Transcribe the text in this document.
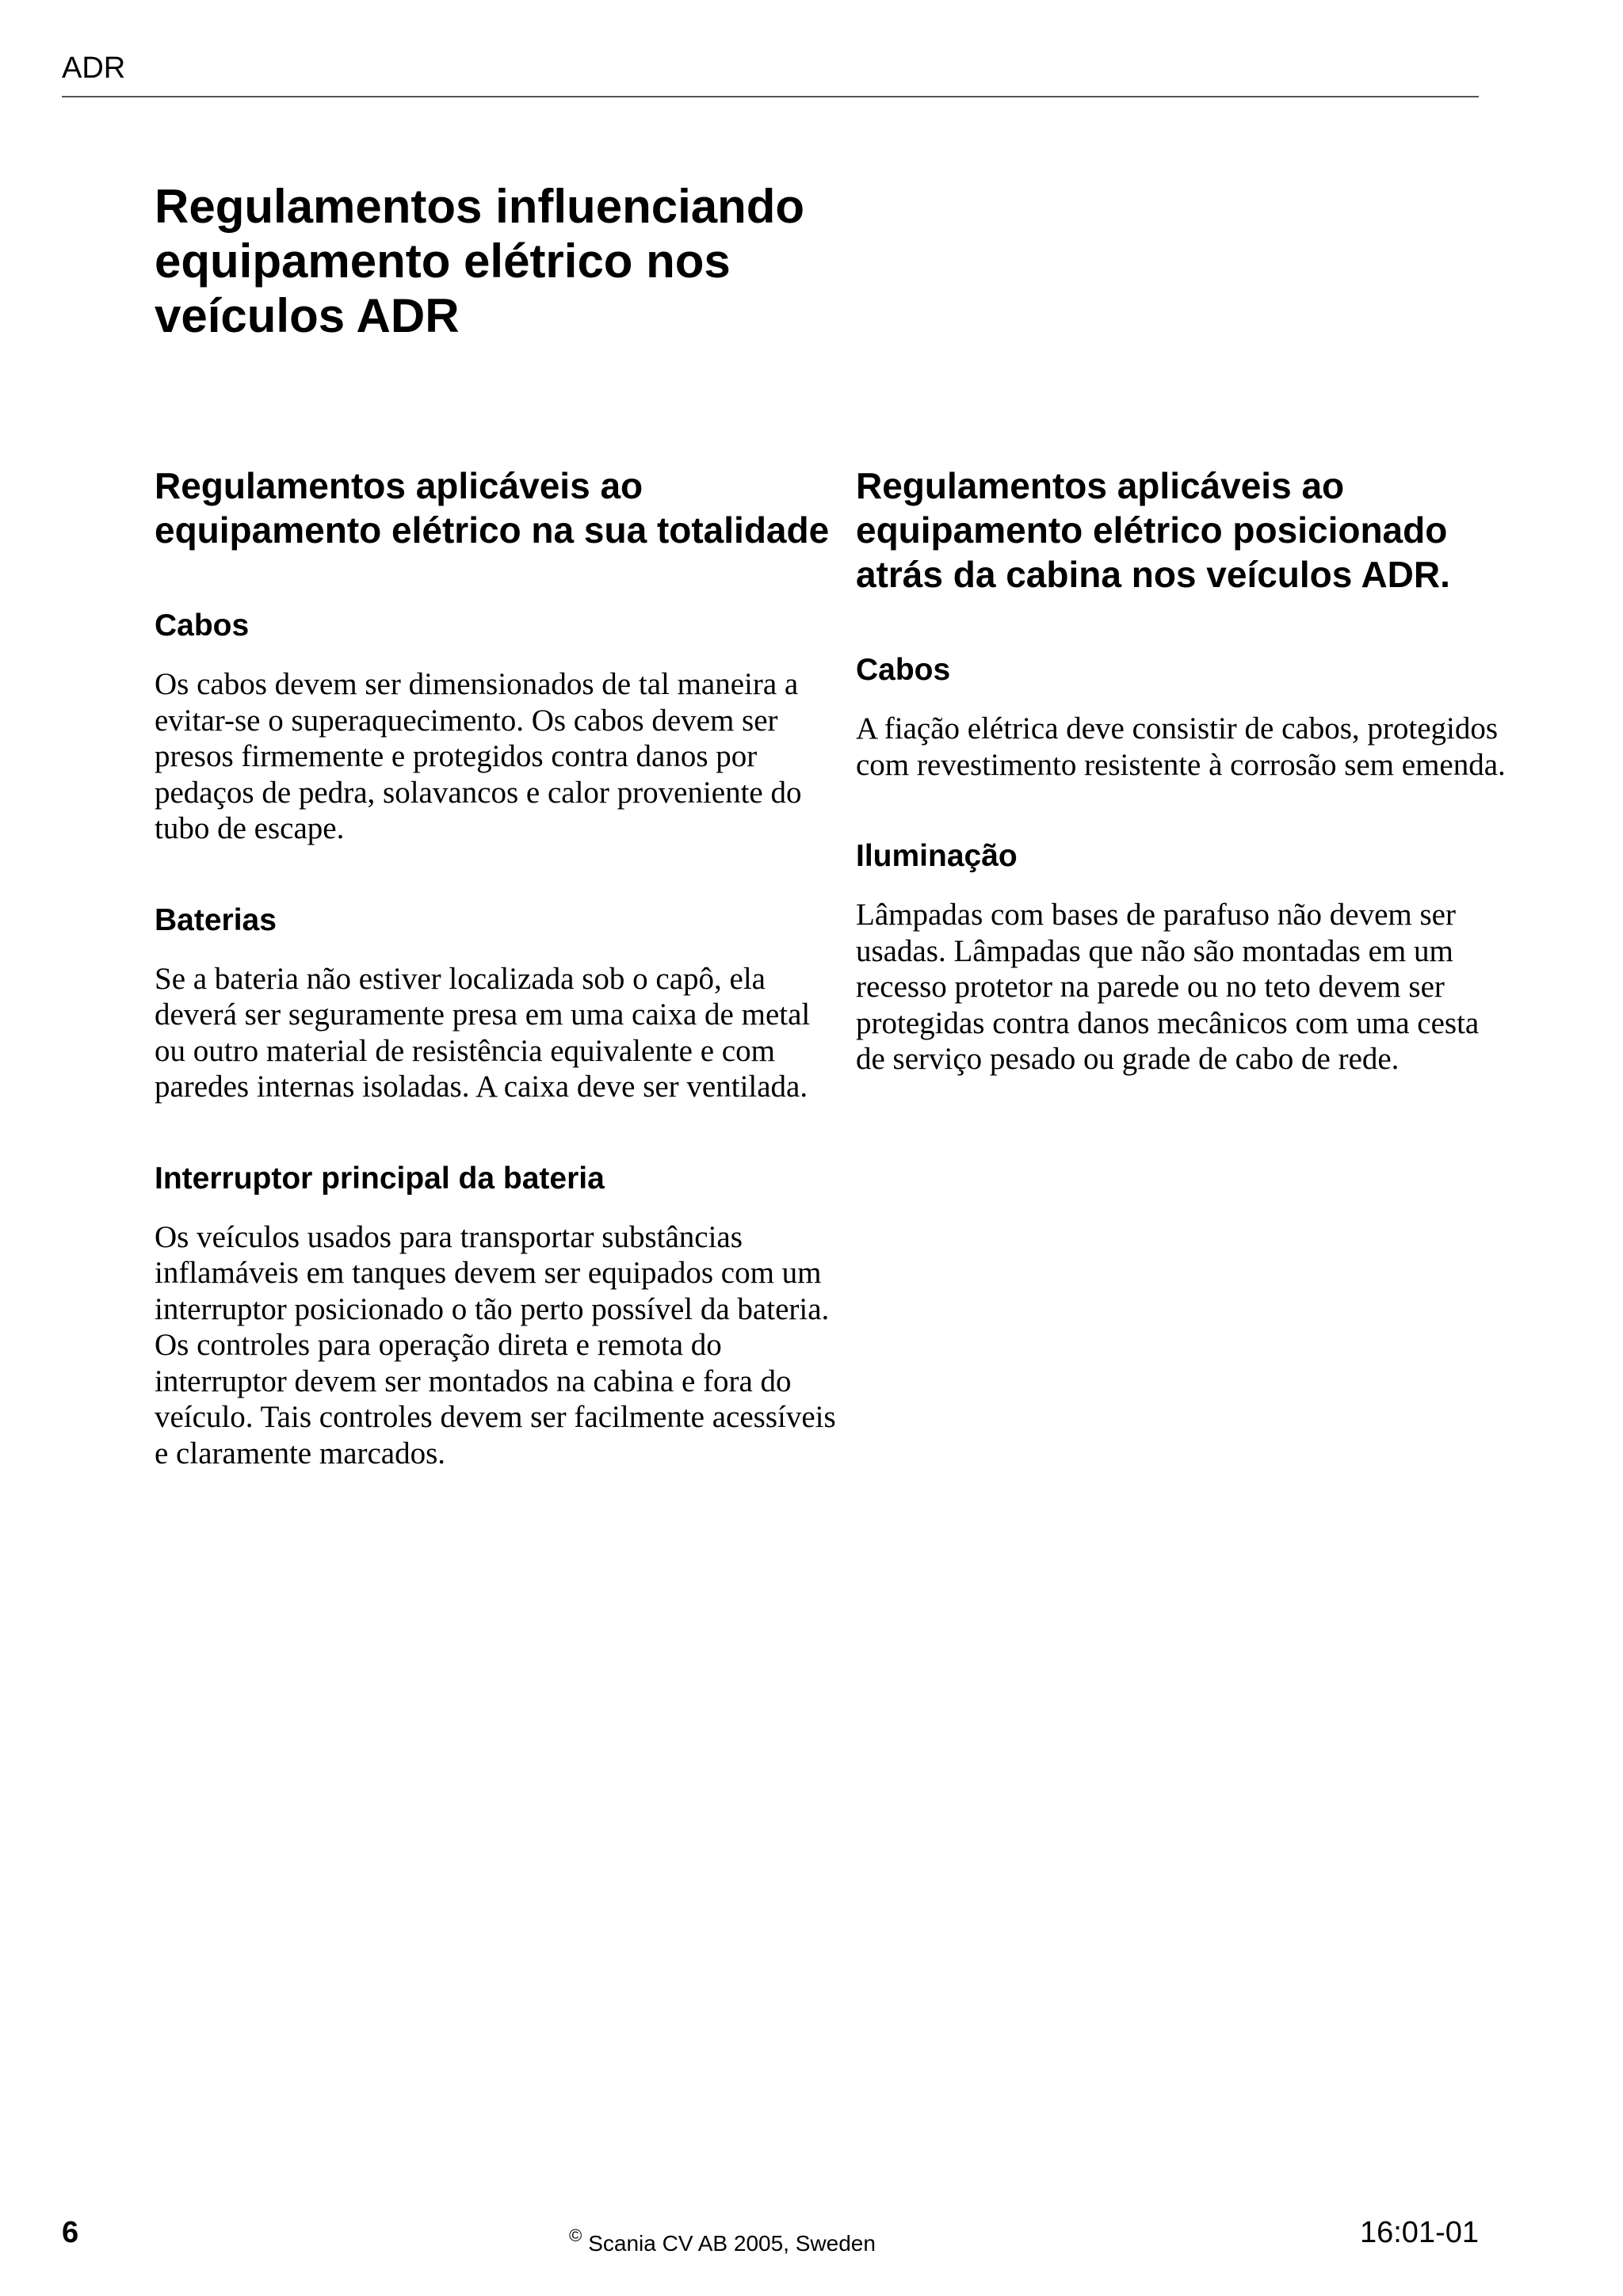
ADR
Regulamentos influenciando equipamento elétrico nos veículos ADR
Regulamentos aplicáveis ao equipamento elétrico na sua totalidade
Cabos

Os cabos devem ser dimensionados de tal maneira a evitar-se o superaquecimento. Os cabos devem ser presos firmemente e protegidos contra danos por pedaços de pedra, solavancos e calor proveniente do tubo de escape.

Baterias

Se a bateria não estiver localizada sob o capô, ela deverá ser seguramente presa em uma caixa de metal ou outro material de resistência equivalente e com paredes internas isoladas. A caixa deve ser ventilada.

Interruptor principal da bateria

Os veículos usados para transportar substâncias inflamáveis em tanques devem ser equipados com um interruptor posicionado o tão perto possível da bateria. Os controles para operação direta e remota do interruptor devem ser montados na cabina e fora do veículo. Tais controles devem ser facilmente acessíveis e claramente marcados.

Regulamentos aplicáveis ao equipamento elétrico posicionado atrás da cabina nos veículos ADR.
Cabos

A fiação elétrica deve consistir de cabos, protegidos com revestimento resistente à corrosão sem emenda.

Iluminação

Lâmpadas com bases de parafuso não devem ser usadas. Lâmpadas que não são montadas em um recesso protetor na parede ou no teto devem ser protegidas contra danos mecânicos com uma cesta de serviço pesado ou grade de cabo de rede.

6	© Scania CV AB 2005, Sweden	16:01-01
